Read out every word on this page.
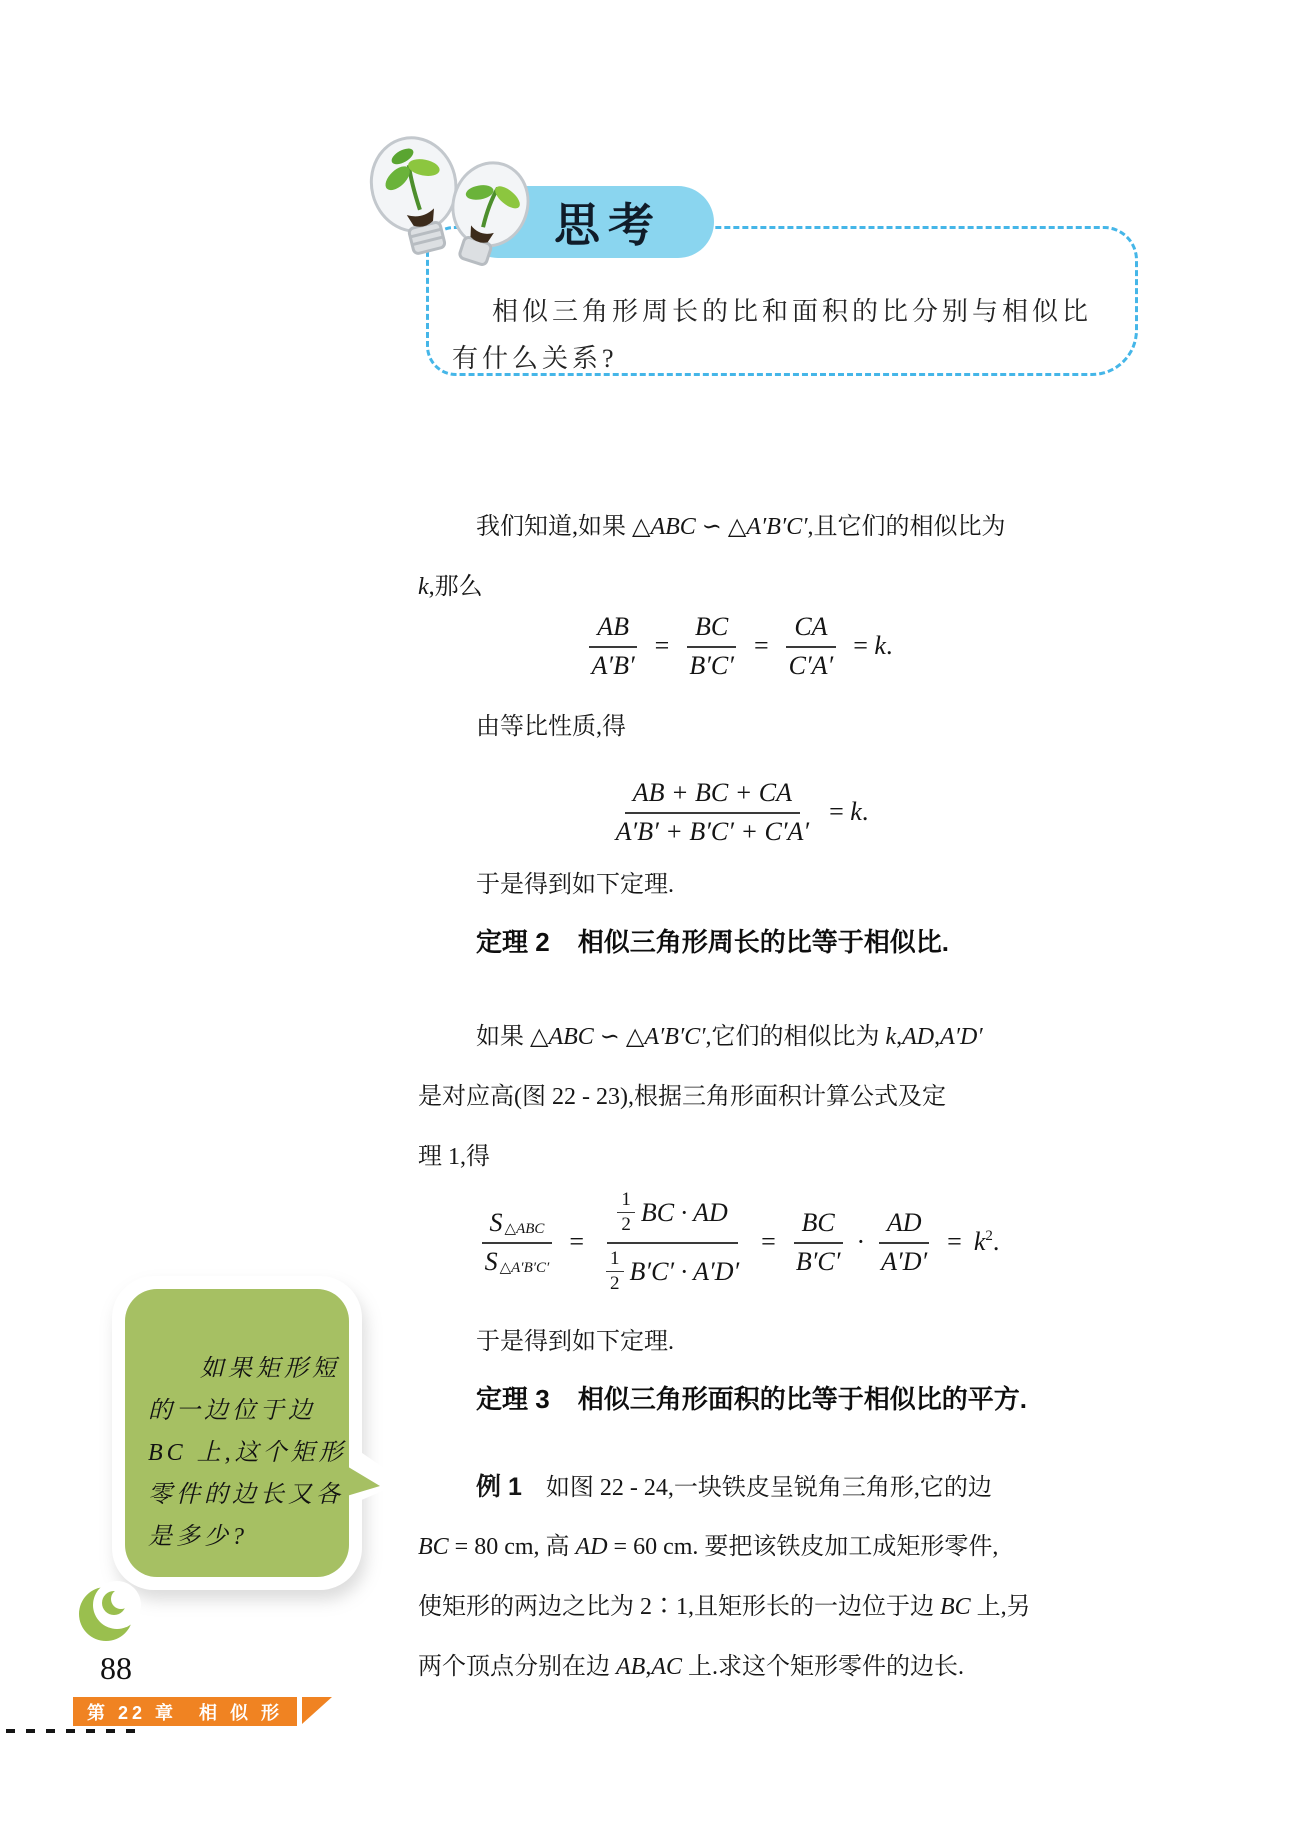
思考
相似三角形周长的比和面积的比分别与相似比
有什么关系?
我们知道,如果 △ABC ∽ △A′B′C′,且它们的相似比为
k,那么
$\frac{AB}{A'B'} = \frac{BC}{B'C'} = \frac{CA}{C'A'} = k$.
由等比性质,得
$\frac{AB + BC + CA}{A'B' + B'C' + C'A'} = k$.
于是得到如下定理.
定理 2 相似三角形周长的比等于相似比.
如果 △ABC ∽ △A′B′C′,它们的相似比为 k,AD,A′D′
是对应高(图 22 - 23),根据三角形面积计算公式及定
理 1,得
$\frac{\text{S △ABC}}{S \triangle A'B'C'} = 1$
2 BC · AD
1
2 $B'C' \cdot A'D' = \frac{BC}{B'C'} \cdot \frac{AD}{A'D'} = k^2$.
于是得到如下定理.
定理 3 相似三角形面积的比等于相似比的平方.
例 1 如图 22 - 24,一块铁皮呈锐角三角形,它的边
BC = 80 cm, 高 AD = 60 cm. 要把该铁皮加工成矩形零件,
使矩形的两边之比为 2∶1,且矩形长的一边位于边 BC 上,另
两个顶点分别在边 AB,AC 上.求这个矩形零件的边长.
如果矩形短
的一边位于边
BC 上,这个矩形
零件的边长又各
是多少?
88
第 22 章　相 似 形
